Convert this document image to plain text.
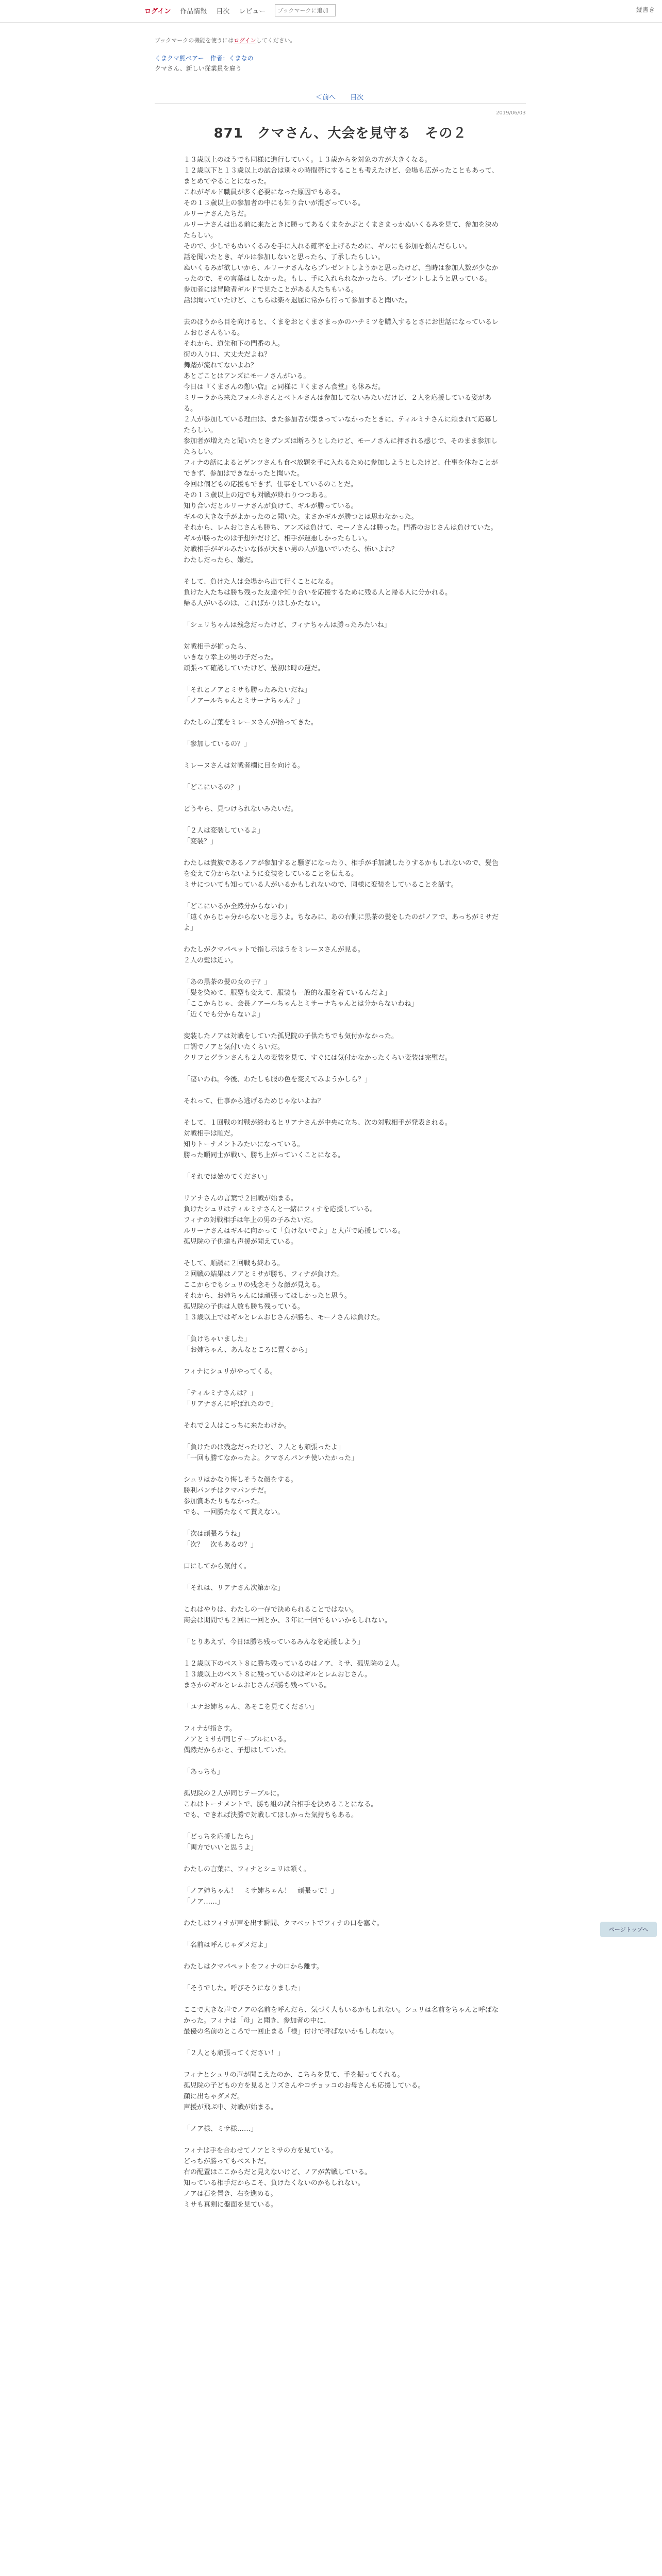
ログイン 作品情報 目次 レビュー
ブックマークに追加	縦書き
ブックマークの機能を使うにはログインしてください。
くまクマ熊ベアー　作者：くまなの
クマさん、新しい従業員を雇う
＜前へ 目次
2019/06/03
871　クマさん、大会を見守る　その２

１３歳以上のほうでも同様に進行していく。１３歳からを対象の方が大きくなる。

１２歳以下と１３歳以上の試合は別々の時間帯にすることも考えたけど、会場も広がったこともあって、まとめてやることになった。

これがギルド職員が多く必要になった原因でもある。

その１３歳以上の参加者の中にも知り合いが混ざっている。

ルリーナさんたちだ。

ルリーナさんは出る前に来たときに勝ってあるくまをかぶとくまさまっかぬいくるみを見て、参加を決めたらしい。

そので、少しでもぬいくるみを手に入れる確率を上げるために、ギルにも参加を頼んだらしい。

話を聞いたとき、ギルは参加しないと思ったら、了承したらしい。

ぬいくるみが欲しいから、ルリーナさんならプレゼントしようかと思ったけど、当時は参加人数が少なかったので、その言葉はしなかった。もし、手に入れられなかったら、プレゼントしようと思っている。

参加者には冒険者ギルドで見たことがある人たちもいる。

話は聞いていたけど、こちらは楽々退屈に常から行って参加すると聞いた。

去のほうから目を向けると、くまをおとくまさまっかのハチミツを購入するとさにお世話になっているレムおじさんもいる。

それから、道先和下の門番の人。

街の入り口、大丈夫だよね？

舞踏が流れてないよね？

あとごことはアンズにモーノさんがいる。

今日は『くまさんの憩い店』と同様に『くまさん食堂』も休みだ。

ミリーラから来たフォルネさんとベトルさんは参加してないみたいだけど、２人を応援している姿がある。

２人が参加している理由は、また参加者が集まっていなかったときに、ティルミナさんに頼まれて応募したらしい。

参加者が増えたと聞いたときブンズは断ろうとしたけど、モーノさんに押される感じで、そのまま参加したらしい。

フィナの話によるとゲンツさんも食べ放題を手に入れるために参加しようとしたけど、仕事を休むことができず、参加はできなかったと聞いた。

今回は個どもの応援もできず、仕事をしているのことだ。

その１３歳以上の辺でも対戦が終わりつつある。

知り合いだとルリーナさんが負けて、ギルが勝っている。

ギルの大きな手がよかったのと聞いた。まさかギルが勝つとは思わなかった。

それから、レムおじさんも勝ち、アンズは負けて、モーノさんは勝った。門番のおじさんは負けていた。

ギルが勝ったのは予想外だけど、相手が運悪しかったらしい。

対戦相手がギルみたいな体が大きい男の人が急いでいたら、怖いよね？

わたしだったら、嫌だ。

そして、負けた人は会場から出て行くことになる。

負けた人たちは勝ち残った友達や知り合いを応援するために残る人と帰る人に分かれる。

帰る人がいるのは、こればかりはしかたない。

「シュリちゃんは残念だったけど、フィナちゃんは勝ったみたいね」

対戦相手が揃ったら、

いきなり幸上の男の子だった。

頑張って確認していたけど、最初は時の運だ。

「それとノアとミサも勝ったみたいだね」

「ノアールちゃんとミサーナちゃん？」

わたしの言葉をミレーヌさんが拾ってきた。

「参加しているの？」

ミレーヌさんは対戦者欄に目を向ける。

「どこにいるの？」

どうやら、見つけられないみたいだ。

「２人は変装しているよ」

「変装？」

わたしは貴族であるノアが参加すると騒ぎになったり、相手が手加減したりするかもしれないので、髪色を変えて分からないように変装をしていることを伝える。

ミサについても知っている人がいるかもしれないので、同様に変装をしていることを話す。

「どこにいるか全然分からないわ」

「遠くからじゃ分からないと思うよ。ちなみに、あの右側に黒茶の髪をしたのがノアで、あっちがミサだよ」

わたしがクマパペットで指し示はうをミレーヌさんが見る。

２人の髪は近い。

「あの黒茶の髪の女の子？」

「髪を染めて、服型も変えて、服装も一般的な服を着ているんだよ」

「ここからじゃ、会長ノアールちゃんとミサーナちゃんとは分からないわね」

「近くでも分からないよ」

変装したノアは対戦をしていた孤児院の子供たちでも気付かなかった。

口調でノアと気付いたくらいだ。

クリフとグランさんも２人の変装を見て、すぐには気付かなかったくらい変装は完璧だ。

「凄いわね。今後、わたしも服の色を変えてみようかしら？」

それって、仕事から逃げるためじゃないよね？

そして、１回戦の対戦が終わるとリアナさんが中央に立ち、次の対戦相手が発表される。

対戦相手は順だ。

知りトーナメントみたいになっている。

勝った順同士が戦い、勝ち上がっていくことになる。

「それでは始めてください」

リアナさんの言葉で２回戦が始まる。

負けたシュリはティルミナさんと一緒にフィナを応援している。

フィナの対戦相手は年上の男の子みたいだ。

ルリーナさんはギルに向かって「負けないでよ」と大声で応援している。

孤児院の子供達も声援が聞えている。

そして、順調に２回戦も終わる。

２回戦の結果はノアとミサが勝ち、フィナが負けた。

ここからでもシュリの残念そうな顔が見える。

それから、お姉ちゃんには頑張ってほしかったと思う。

孤児院の子供は人数も勝ち残っている。

１３歳以上ではギルとレムおじさんが勝ち、モーノさんは負けた。

「負けちゃいました」

「お姉ちゃん、あんなところに置くから」

フィナにシュリがやってくる。

「ティルミナさんは？」

「リアナさんに呼ばれたので」

それで２人はこっちに来たわけか。

「負けたのは残念だったけど、２人とも頑張ったよ」

「一回も勝てなかったよ。クマさんパンチ使いたかった」

シュリはかなり悔しそうな顔をする。

勝利パンチはクマパンチだ。

参加賞あたりもなかった。

でも、一回勝たなくて貰えない。

「次は頑張ろうね」

「次？　次もあるの？」

口にしてから気付く。

「それは、リアナさん次第かな」

これはやりは、わたしの一存で決められることではない。

商会は期間でも２回に一回とか、３年に一回でもいいかもしれない。

「とりあえず、今日は勝ち残っているみんなを応援しよう」

１２歳以下のベスト８に勝ち残っているのはノア、ミサ、孤児院の２人。

１３歳以上のベスト８に残っているのはギルとレムおじさん。

まさかのギルとレムおじさんが勝ち残っている。

「ユナお姉ちゃん、あそこを見てください」

フィナが指さす。

ノアとミサが同じテーブルにいる。

偶然だからかと、予想はしていた。

「あっちも」

孤児院の２人が同じテーブルに。

これはトーナメントで、勝ち組の試合相手を決めることになる。

でも、できれば決勝で対戦してほしかった気持ちもある。

「どっちを応援したら」

「両方でいいと思うよ」

わたしの言葉に、フィナとシュリは頷く。

「ノア姉ちゃん！　ミサ姉ちゃん！　頑張って！」

「ノア……」

わたしはフィナが声を出す瞬間、クマペットでフィナの口を塞ぐ。

「名前は呼んじゃダメだよ」

わたしはクマパペットをフィナの口から離す。

「そうでした。呼びそうになりました」

ここで大きな声でノアの名前を呼んだら、気づく人もいるかもしれない。シュリは名前をちゃんと呼ばなかった。フィナは「母」と聞き、参加者の中に、

最優の名前のところで一回止まる「様」付けで呼ばないかもしれない。

「２人とも頑張ってください！」

フィナとシュリの声が聞こえたのか、こちらを見て、手を振ってくれる。

孤児院の子どもの方を見るとリズさんやコチョッコのお母さんも応援している。

顔に出ちゃダメだ。

声援が飛ぶ中、対戦が始まる。

「ノア様、ミサ様……」

フィナは手を合わせてノアとミサの方を見ている。

どっちが勝ってもベストだ。

右の配置はここからだと見えないけど、ノアが苦戦している。

知っている相手だからこそ、負けたくないのかもしれない。

ノアは石を置き、右を進める。

ミサも真剣に盤面を見ている。

ページトップへ
